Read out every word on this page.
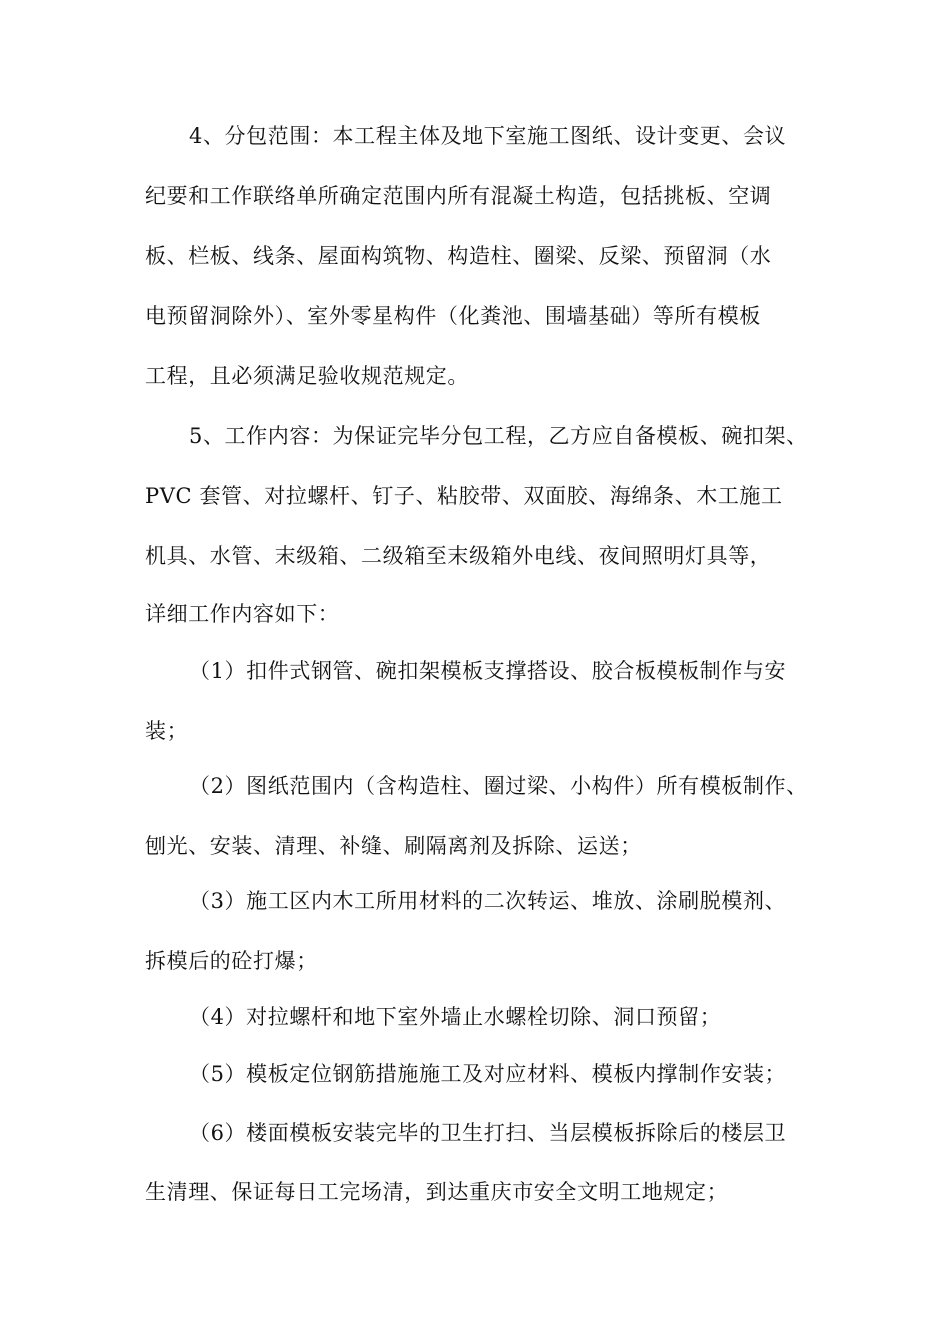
4、分包范围：本工程主体及地下室施工图纸、设计变更、会议
纪要和工作联络单所确定范围内所有混凝土构造，包括挑板、空调
板、栏板、线条、屋面构筑物、构造柱、圈梁、反梁、预留洞（水
电预留洞除外）、室外零星构件（化粪池、围墙基础）等所有模板
工程，且必须满足验收规范规定。
5、工作内容：为保证完毕分包工程，乙方应自备模板、碗扣架、
PVC 套管、对拉螺杆、钉子、粘胶带、双面胶、海绵条、木工施工
机具、水管、末级箱、二级箱至末级箱外电线、夜间照明灯具等，
详细工作内容如下：
（1）扣件式钢管、碗扣架模板支撑搭设、胶合板模板制作与安
装；
（2）图纸范围内（含构造柱、圈过梁、小构件）所有模板制作、
刨光、安装、清理、补缝、刷隔离剂及拆除、运送；
（3）施工区内木工所用材料的二次转运、堆放、涂刷脱模剂、
拆模后的砼打爆；
（4）对拉螺杆和地下室外墙止水螺栓切除、洞口预留；
（5）模板定位钢筋措施施工及对应材料、模板内撑制作安装；
（6）楼面模板安装完毕的卫生打扫、当层模板拆除后的楼层卫
生清理、保证每日工完场清，到达重庆市安全文明工地规定；
